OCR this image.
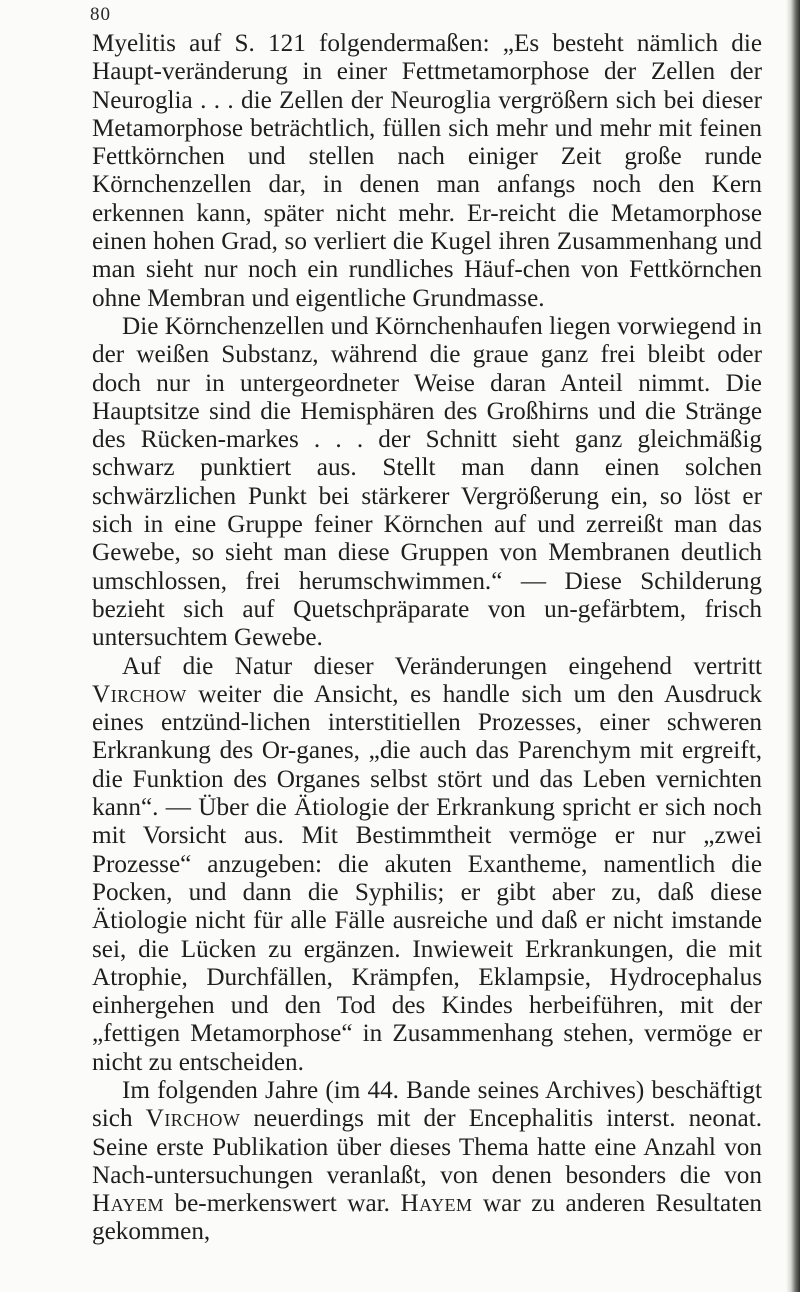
80

Myelitis auf S. 121 folgendermaßen: „Es besteht nämlich die Haupt-veränderung in einer Fettmetamorphose der Zellen der Neuroglia . . . die Zellen der Neuroglia vergrößern sich bei dieser Metamorphose beträchtlich, füllen sich mehr und mehr mit feinen Fettkörnchen und stellen nach einiger Zeit große runde Körnchenzellen dar, in denen man anfangs noch den Kern erkennen kann, später nicht mehr. Er-reicht die Metamorphose einen hohen Grad, so verliert die Kugel ihren Zusammenhang und man sieht nur noch ein rundliches Häuf-chen von Fettkörnchen ohne Membran und eigentliche Grundmasse.

Die Körnchenzellen und Körnchenhaufen liegen vorwiegend in der weißen Substanz, während die graue ganz frei bleibt oder doch nur in untergeordneter Weise daran Anteil nimmt. Die Hauptsitze sind die Hemisphären des Großhirns und die Stränge des Rücken-markes . . . der Schnitt sieht ganz gleichmäßig schwarz punktiert aus. Stellt man dann einen solchen schwärzlichen Punkt bei stärkerer Vergrößerung ein, so löst er sich in eine Gruppe feiner Körnchen auf und zerreißt man das Gewebe, so sieht man diese Gruppen von Membranen deutlich umschlossen, frei herumschwimmen.“ — Diese Schilderung bezieht sich auf Quetschpräparate von un-gefärbtem, frisch untersuchtem Gewebe.

Auf die Natur dieser Veränderungen eingehend vertritt Virchow weiter die Ansicht, es handle sich um den Ausdruck eines entzünd-lichen interstitiellen Prozesses, einer schweren Erkrankung des Or-ganes, „die auch das Parenchym mit ergreift, die Funktion des Organes selbst stört und das Leben vernichten kann“. — Über die Ätiologie der Erkrankung spricht er sich noch mit Vorsicht aus. Mit Bestimmtheit vermöge er nur „zwei Prozesse“ anzugeben: die akuten Exantheme, namentlich die Pocken, und dann die Syphilis; er gibt aber zu, daß diese Ätiologie nicht für alle Fälle ausreiche und daß er nicht imstande sei, die Lücken zu ergänzen. Inwieweit Erkrankungen, die mit Atrophie, Durchfällen, Krämpfen, Eklampsie, Hydrocephalus einhergehen und den Tod des Kindes herbeiführen, mit der „fettigen Metamorphose“ in Zusammenhang stehen, vermöge er nicht zu entscheiden.

Im folgenden Jahre (im 44. Bande seines Archives) beschäftigt sich Virchow neuerdings mit der Encephalitis interst. neonat. Seine erste Publikation über dieses Thema hatte eine Anzahl von Nach-untersuchungen veranlaßt, von denen besonders die von Hayem be-merkenswert war. Hayem war zu anderen Resultaten gekommen,
